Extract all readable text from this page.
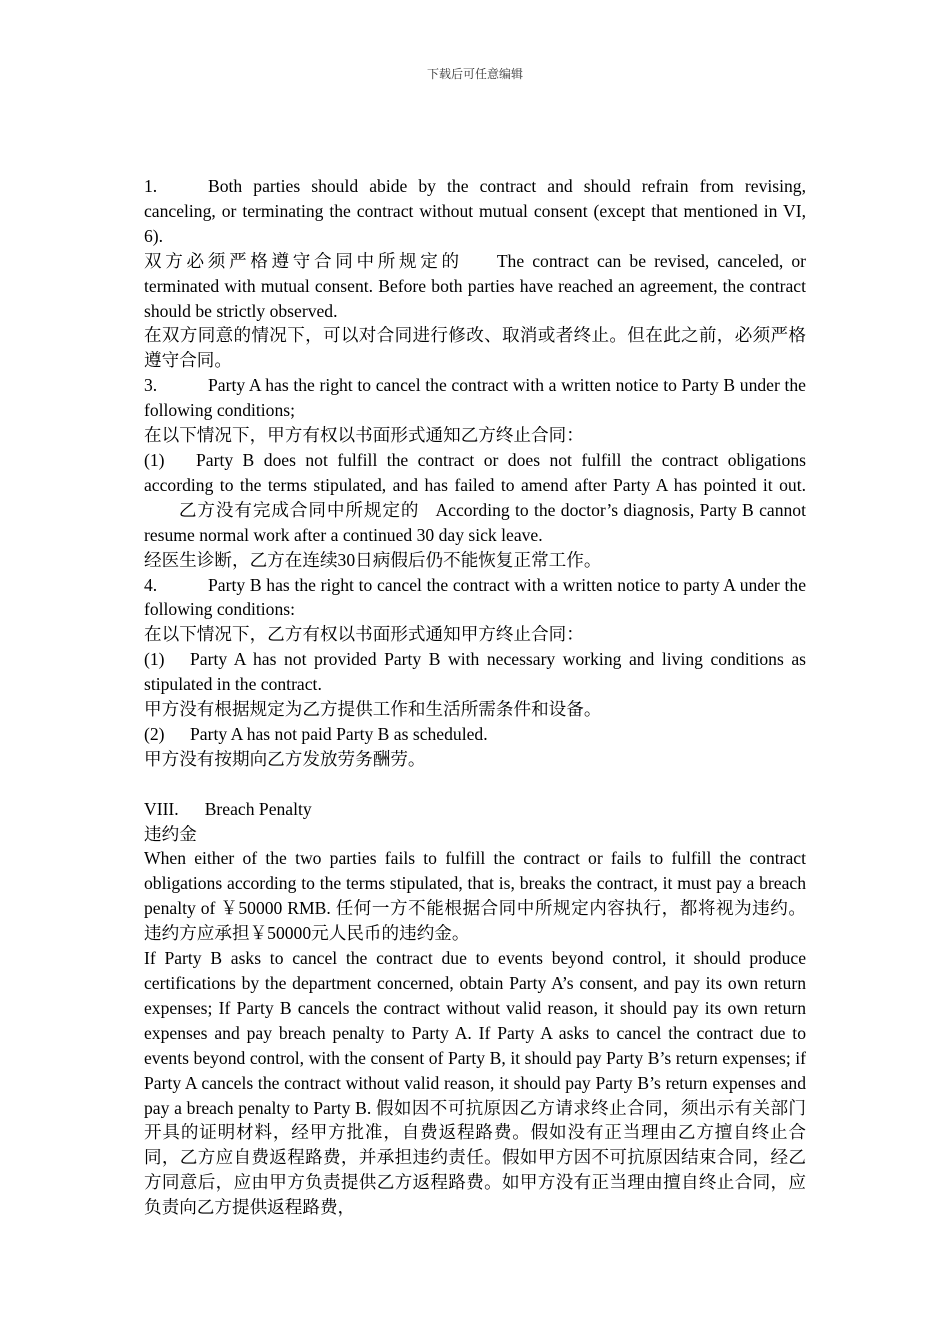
下载后可任意编辑

1.	Both parties should abide by the contract and should refrain from revising, canceling, or terminating the contract without mutual consent (except that mentioned in VI, 6).

双方必须严格遵守合同中所规定的 The contract can be revised, canceled, or terminated with mutual consent. Before both parties have reached an agreement, the contract should be strictly observed.

在双方同意的情况下，可以对合同进行修改、取消或者终止。但在此之前，必须严格遵守合同。

3.	Party A has the right to cancel the contract with a written notice to Party B under the following conditions;

在以下情况下，甲方有权以书面形式通知乙方终止合同：

(1) Party B does not fulfill the contract or does not fulfill the contract obligations according to the terms stipulated, and has failed to amend after Party A has pointed it out.乙方没有完成合同中所规定的 According to the doctor’s diagnosis, Party B cannot resume normal work after a continued 30 day sick leave.

经医生诊断，乙方在连续30日病假后仍不能恢复正常工作。

4.	Party B has the right to cancel the contract with a written notice to party A under the following conditions:

在以下情况下，乙方有权以书面形式通知甲方终止合同：

(1) Party A has not provided Party B with necessary working and living conditions as stipulated in the contract.

甲方没有根据规定为乙方提供工作和生活所需条件和设备。

(2) Party A has not paid Party B as scheduled.

甲方没有按期向乙方发放劳务酬劳。

VIII. Breach Penalty

违约金

When either of the two parties fails to fulfill the contract or fails to fulfill the contract obligations according to the terms stipulated, that is, breaks the contract, it must pay a breach penalty of ￥50000 RMB. 任何一方不能根据合同中所规定内容执行，都将视为违约。违约方应承担￥50000元人民币的违约金。

If Party B asks to cancel the contract due to events beyond control, it should produce certifications by the department concerned, obtain Party A’s consent, and pay its own return expenses; If Party B cancels the contract without valid reason, it should pay its own return expenses and pay breach penalty to Party A. If Party A asks to cancel the contract due to events beyond control, with the consent of Party B, it should pay Party B’s return expenses; if Party A cancels the contract without valid reason, it should pay Party B’s return expenses and pay a breach penalty to Party B. 假如因不可抗原因乙方请求终止合同，须出示有关部门开具的证明材料，经甲方批准，自费返程路费。假如没有正当理由乙方擅自终止合同，乙方应自费返程路费，并承担违约责任。假如甲方因不可抗原因结束合同，经乙方同意后，应由甲方负责提供乙方返程路费。如甲方没有正当理由擅自终止合同，应负责向乙方提供返程路费，
